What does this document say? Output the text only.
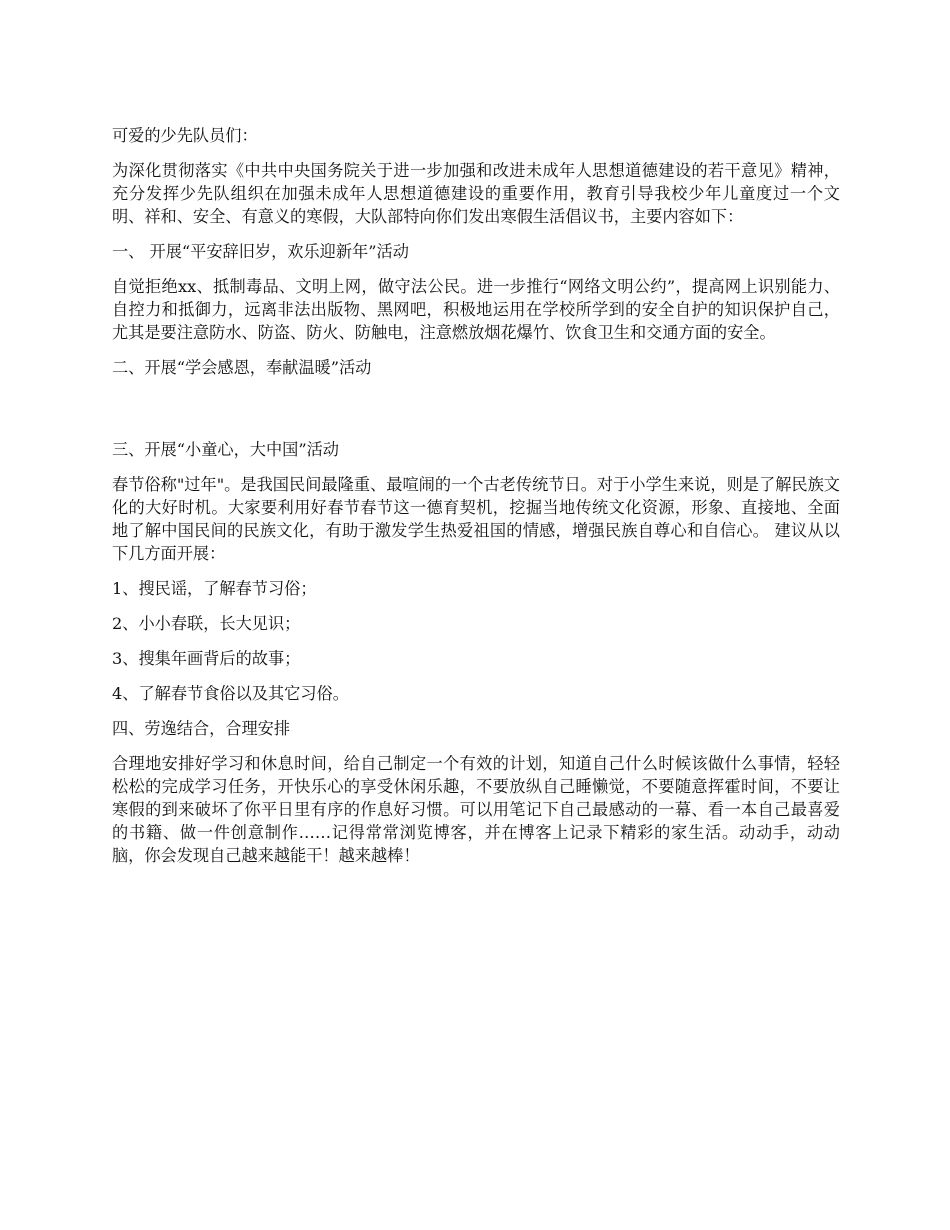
可爱的少先队员们：

为深化贯彻落实《中共中央国务院关于进一步加强和改进未成年人思想道德建设的若干意见》精神，充分发挥少先队组织在加强未成年人思想道德建设的重要作用，教育引导我校少年儿童度过一个文明、祥和、安全、有意义的寒假，大队部特向你们发出寒假生活倡议书，主要内容如下：

一、 开展“平安辞旧岁，欢乐迎新年”活动

自觉拒绝xx、抵制毒品、文明上网，做守法公民。进一步推行“网络文明公约”，提高网上识别能力、自控力和抵御力，远离非法出版物、黑网吧，积极地运用在学校所学到的安全自护的知识保护自己，尤其是要注意防水、防盗、防火、防触电，注意燃放烟花爆竹、饮食卫生和交通方面的安全。

二、开展“学会感恩，奉献温暖”活动

三、开展“小童心，大中国”活动

春节俗称"过年"。是我国民间最隆重、最喧闹的一个古老传统节日。对于小学生来说，则是了解民族文化的大好时机。大家要利用好春节春节这一德育契机，挖掘当地传统文化资源，形象、直接地、全面地了解中国民间的民族文化，有助于激发学生热爱祖国的情感，增强民族自尊心和自信心。 建议从以下几方面开展：

1、搜民谣，了解春节习俗；

2、小小春联，长大见识；

3、搜集年画背后的故事；

4、了解春节食俗以及其它习俗。

四、劳逸结合，合理安排

合理地安排好学习和休息时间，给自己制定一个有效的计划，知道自己什么时候该做什么事情，轻轻松松的完成学习任务，开快乐心的享受休闲乐趣，不要放纵自己睡懒觉，不要随意挥霍时间，不要让寒假的到来破坏了你平日里有序的作息好习惯。可以用笔记下自己最感动的一幕、看一本自己最喜爱的书籍、做一件创意制作……记得常常浏览博客，并在博客上记录下精彩的家生活。动动手，动动脑，你会发现自己越来越能干！越来越棒！
